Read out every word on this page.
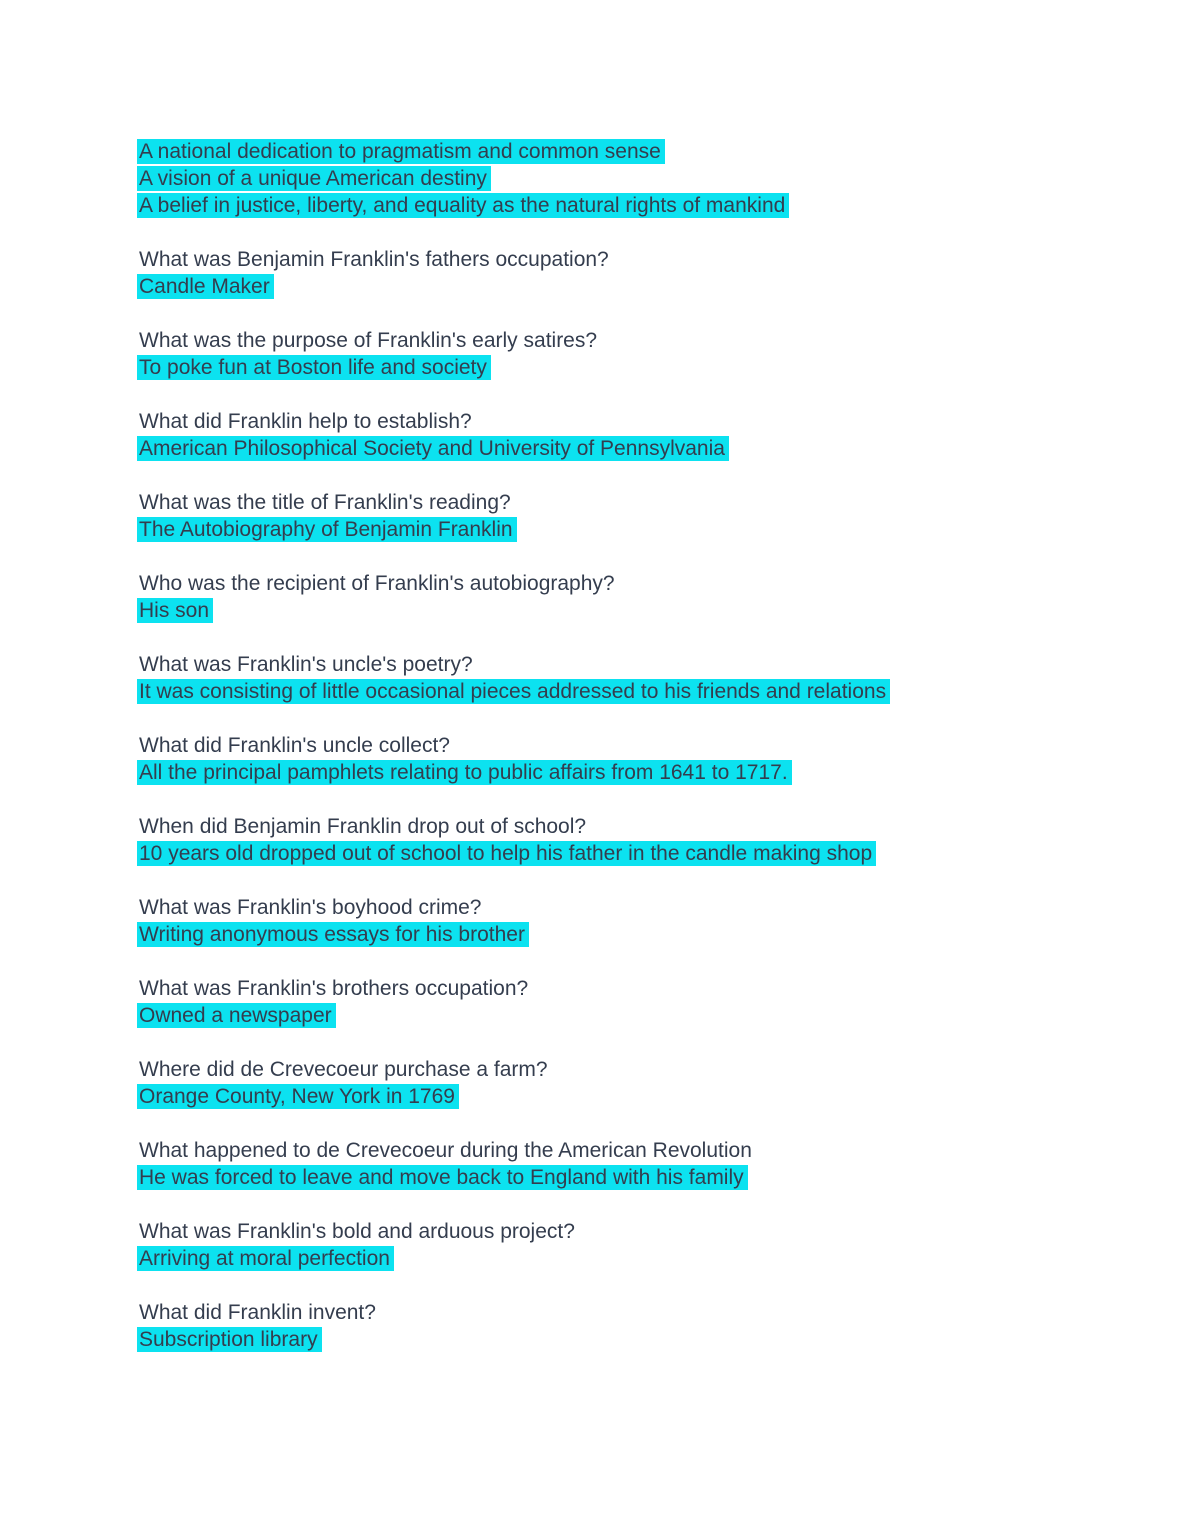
A national dedication to pragmatism and common sense
A vision of a unique American destiny
A belief in justice, liberty, and equality as the natural rights of mankind
What was Benjamin Franklin's fathers occupation?
Candle Maker
What was the purpose of Franklin's early satires?
To poke fun at Boston life and society
What did Franklin help to establish?
American Philosophical Society and University of Pennsylvania
What was the title of Franklin's reading?
The Autobiography of Benjamin Franklin
Who was the recipient of Franklin's autobiography?
His son
What was Franklin's uncle's poetry?
It was consisting of little occasional pieces addressed to his friends and relations
What did Franklin's uncle collect?
All the principal pamphlets relating to public affairs from 1641 to 1717.
When did Benjamin Franklin drop out of school?
10 years old dropped out of school to help his father in the candle making shop
What was Franklin's boyhood crime?
Writing anonymous essays for his brother
What was Franklin's brothers occupation?
Owned a newspaper
Where did de Crevecoeur purchase a farm?
Orange County, New York in 1769
What happened to de Crevecoeur during the American Revolution
He was forced to leave and move back to England with his family
What was Franklin's bold and arduous project?
Arriving at moral perfection
What did Franklin invent?
Subscription library
